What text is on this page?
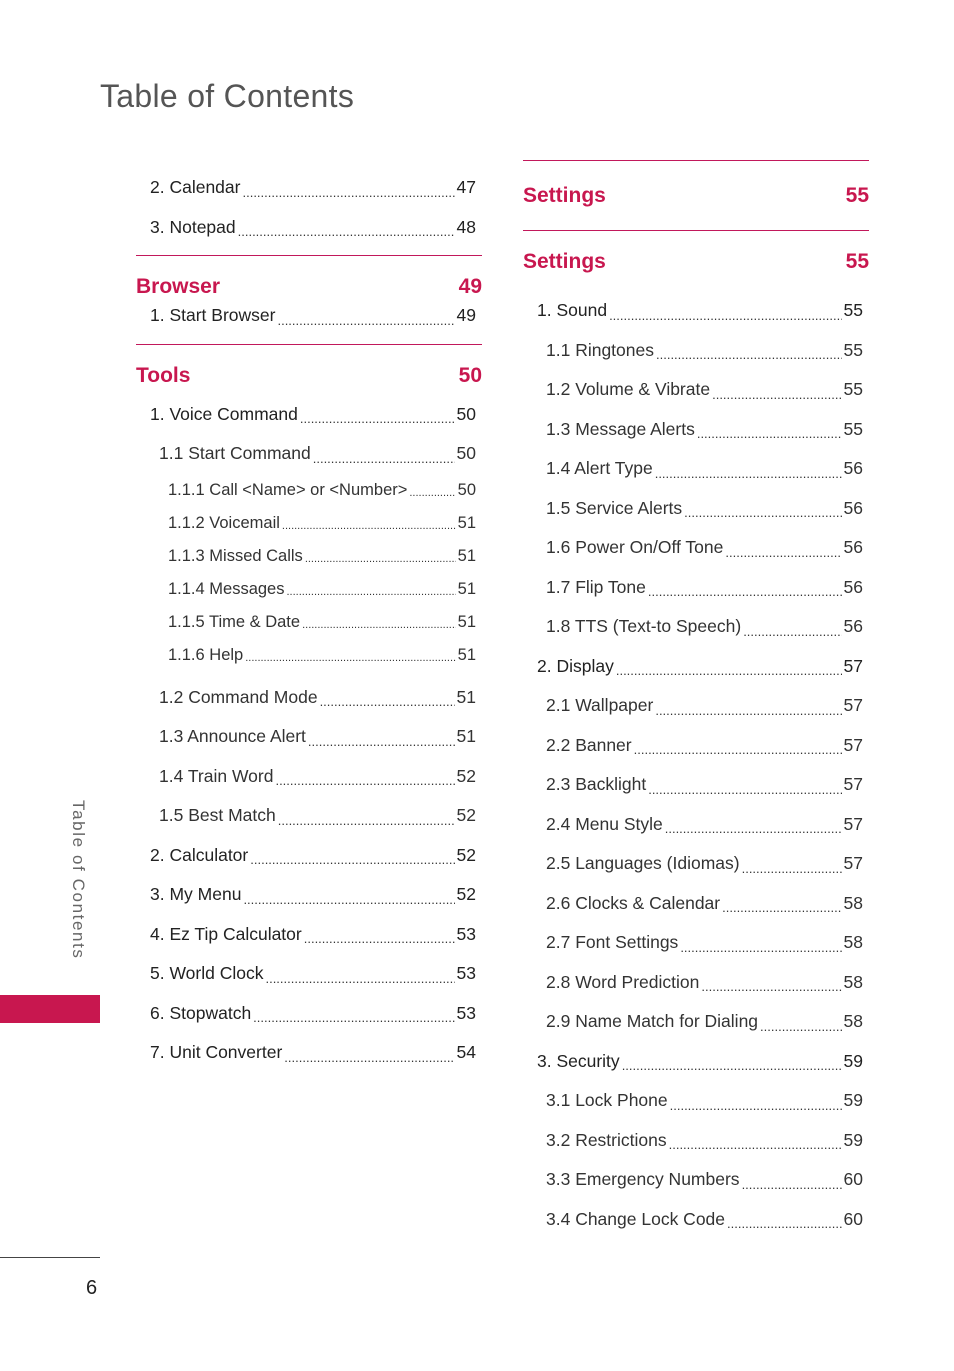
Table of Contents
2. Calendar .....	47
3. Notepad .....	48
Browser	49
1. Start Browser .....	49
Tools	50
1. Voice Command .....	50
1.1 Start Command .....	50
1.1.1 Call <Name> or <Number> .....	50
1.1.2 Voicemail .....	51
1.1.3 Missed Calls .....	51
1.1.4 Messages .....	51
1.1.5 Time & Date .....	51
1.1.6 Help .....	51
1.2 Command Mode .....	51
1.3 Announce Alert .....	51
1.4 Train Word .....	52
1.5 Best Match .....	52
2. Calculator .....	52
3. My Menu .....	52
4. Ez Tip Calculator .....	53
5. World Clock .....	53
6. Stopwatch .....	53
7. Unit Converter .....	54
Settings	55
Settings	55
1. Sound .....	55
1.1 Ringtones .....	55
1.2 Volume & Vibrate .....	55
1.3 Message Alerts .....	55
1.4 Alert Type .....	56
1.5 Service Alerts .....	56
1.6 Power On/Off Tone .....	56
1.7 Flip Tone .....	56
1.8 TTS (Text-to Speech) .....	56
2. Display .....	57
2.1 Wallpaper .....	57
2.2 Banner .....	57
2.3 Backlight .....	57
2.4 Menu Style .....	57
2.5 Languages (Idiomas) .....	57
2.6 Clocks & Calendar .....	58
2.7 Font Settings .....	58
2.8 Word Prediction .....	58
2.9 Name Match for Dialing .....	58
3. Security .....	59
3.1 Lock Phone .....	59
3.2 Restrictions .....	59
3.3 Emergency Numbers .....	60
3.4 Change Lock Code .....	60
Table of Contents
6
